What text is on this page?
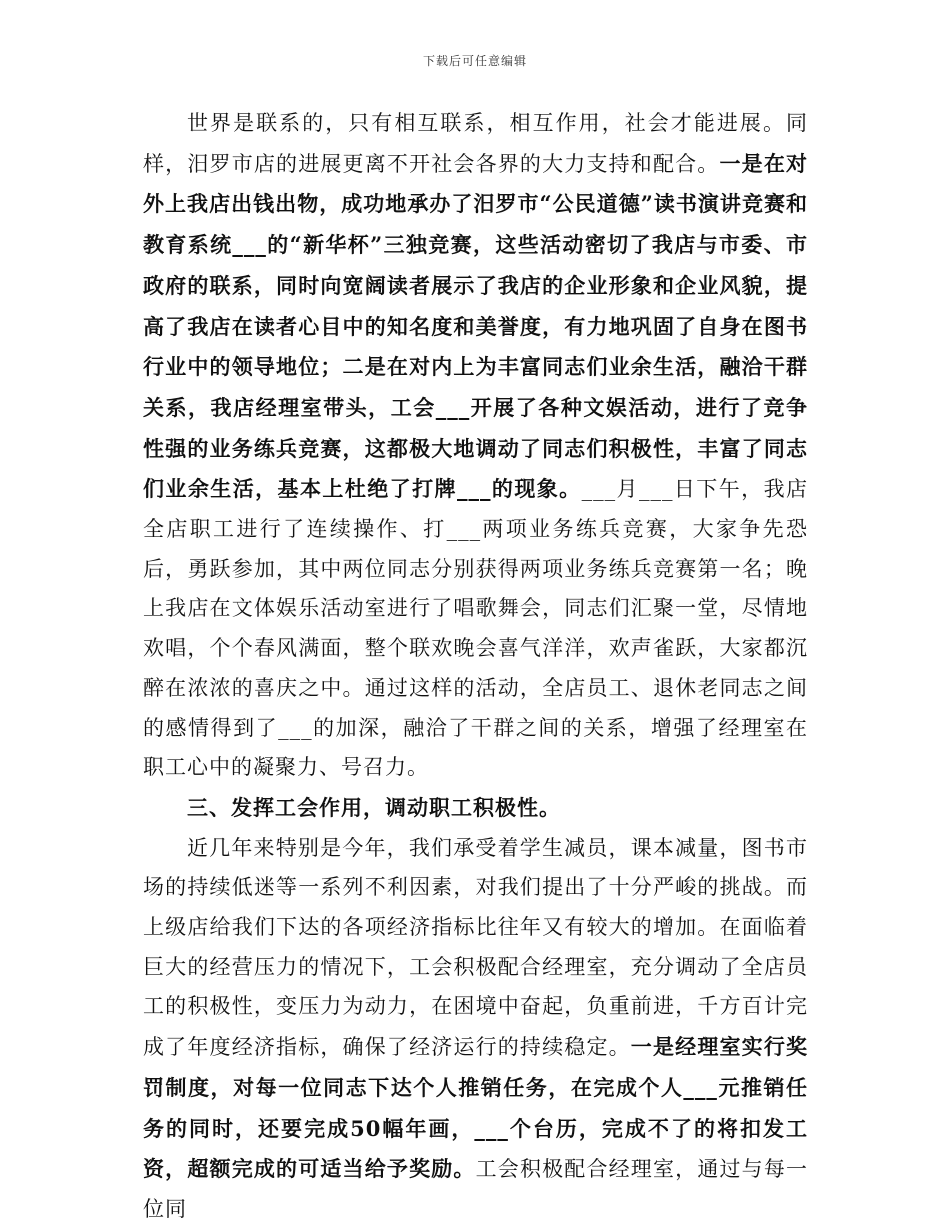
下载后可任意编辑

世界是联系的，只有相互联系，相互作用，社会才能进展。同样，汨罗市店的进展更离不开社会各界的大力支持和配合。一是在对外上我店出钱出物，成功地承办了汨罗市“公民道德”读书演讲竞赛和教育系统___的“新华杯”三独竞赛，这些活动密切了我店与市委、市政府的联系，同时向宽阔读者展示了我店的企业形象和企业风貌，提高了我店在读者心目中的知名度和美誉度，有力地巩固了自身在图书行业中的领导地位；二是在对内上为丰富同志们业余生活，融洽干群关系，我店经理室带头，工会___开展了各种文娱活动，进行了竞争性强的业务练兵竞赛，这都极大地调动了同志们积极性，丰富了同志们业余生活，基本上杜绝了打牌___的现象。___月___日下午，我店全店职工进行了连续操作、打___两项业务练兵竞赛，大家争先恐后，勇跃参加，其中两位同志分别获得两项业务练兵竞赛第一名；晚上我店在文体娱乐活动室进行了唱歌舞会，同志们汇聚一堂，尽情地欢唱，个个春风满面，整个联欢晚会喜气洋洋，欢声雀跃，大家都沉醉在浓浓的喜庆之中。通过这样的活动，全店员工、退休老同志之间的感情得到了___的加深，融洽了干群之间的关系，增强了经理室在职工心中的凝聚力、号召力。

三、发挥工会作用，调动职工积极性。

近几年来特别是今年，我们承受着学生减员，课本减量，图书市场的持续低迷等一系列不利因素，对我们提出了十分严峻的挑战。而上级店给我们下达的各项经济指标比往年又有较大的增加。在面临着巨大的经营压力的情况下，工会积极配合经理室，充分调动了全店员工的积极性，变压力为动力，在困境中奋起，负重前进，千方百计完成了年度经济指标，确保了经济运行的持续稳定。一是经理室实行奖罚制度，对每一位同志下达个人推销任务，在完成个人___元推销任务的同时，还要完成50幅年画，___个台历，完成不了的将扣发工资，超额完成的可适当给予奖励。工会积极配合经理室，通过与每一位同
